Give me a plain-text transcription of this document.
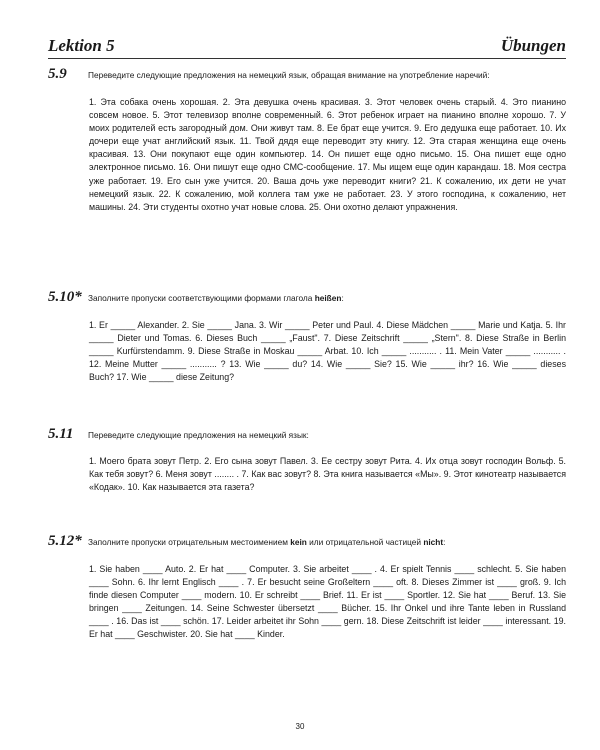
Lektion 5	Übungen
5.9	Переведите следующие предложения на немецкий язык, обращая внимание на употребление наречий:
1. Эта собака очень хорошая. 2. Эта девушка очень красивая. 3. Этот человек очень старый. 4. Это пианино совсем новое. 5. Этот телевизор вполне современный. 6. Этот ребенок играет на пианино вполне хорошо. 7. У моих родителей есть загородный дом. Они живут там. 8. Ее брат еще учится. 9. Его дедушка еще работает. 10. Их дочери еще учат английский язык. 11. Твой дядя еще переводит эту книгу. 12. Эта старая женщина еще очень красивая. 13. Они покупают еще один компьютер. 14. Он пишет еще одно письмо. 15. Она пишет еще одно электронное письмо. 16. Они пишут еще одно СМС-сообщение. 17. Мы ищем еще один карандаш. 18. Моя сестра уже работает. 19. Его сын уже учится. 20. Ваша дочь уже переводит книги? 21. К сожалению, их дети не учат немецкий язык. 22. К сожалению, мой коллега там уже не работает. 23. У этого господина, к сожалению, нет машины. 24. Эти студенты охотно учат новые слова. 25. Они охотно делают упражнения.
5.10* Заполните пропуски соответствующими формами глагола heißen:
1. Er _____ Alexander. 2. Sie _____ Jana. 3. Wir _____ Peter und Paul. 4. Diese Mädchen _____ Marie und Katja. 5. Ihr _____ Dieter und Tomas. 6. Dieses Buch _____ „Faust". 7. Diese Zeitschrift _____ „Stern". 8. Diese Straße in Berlin _____ Kurfürstendamm. 9. Diese Straße in Moskau _____ Arbat. 10. Ich _____ ........... . 11. Mein Vater _____ ........... . 12. Meine Mutter _____ ........... ? 13. Wie _____ du? 14. Wie _____ Sie? 15. Wie _____ ihr? 16. Wie _____ dieses Buch? 17. Wie _____ diese Zeitung?
5.11	Переведите следующие предложения на немецкий язык:
1. Моего брата зовут Петр. 2. Его сына зовут Павел. 3. Ее сестру зовут Рита. 4. Их отца зовут господин Вольф. 5. Как тебя зовут? 6. Меня зовут ........ . 7. Как вас зовут? 8. Эта книга называется «Мы». 9. Этот кинотеатр называется «Кодак». 10. Как называется эта газета?
5.12* Заполните пропуски отрицательным местоимением kein или отрицательной частицей nicht:
1. Sie haben ____ Auto. 2. Er hat ____ Computer. 3. Sie arbeitet ____ . 4. Er spielt Tennis ____ schlecht. 5. Sie haben ____ Sohn. 6. Ihr lernt Englisch ____ . 7. Er besucht seine Großeltern ____ oft. 8. Dieses Zimmer ist ____ groß. 9. Ich finde diesen Computer ____ modern. 10. Er schreibt ____ Brief. 11. Er ist ____ Sportler. 12. Sie hat ____ Beruf. 13. Sie bringen ____ Zeitungen. 14. Seine Schwester übersetzt ____ Bücher. 15. Ihr Onkel und ihre Tante leben in Russland ____ . 16. Das ist ____ schön. 17. Leider arbeitet ihr Sohn ____ gern. 18. Diese Zeitschrift ist leider ____ interessant. 19. Er hat ____ Geschwister. 20. Sie hat ____ Kinder.
30
